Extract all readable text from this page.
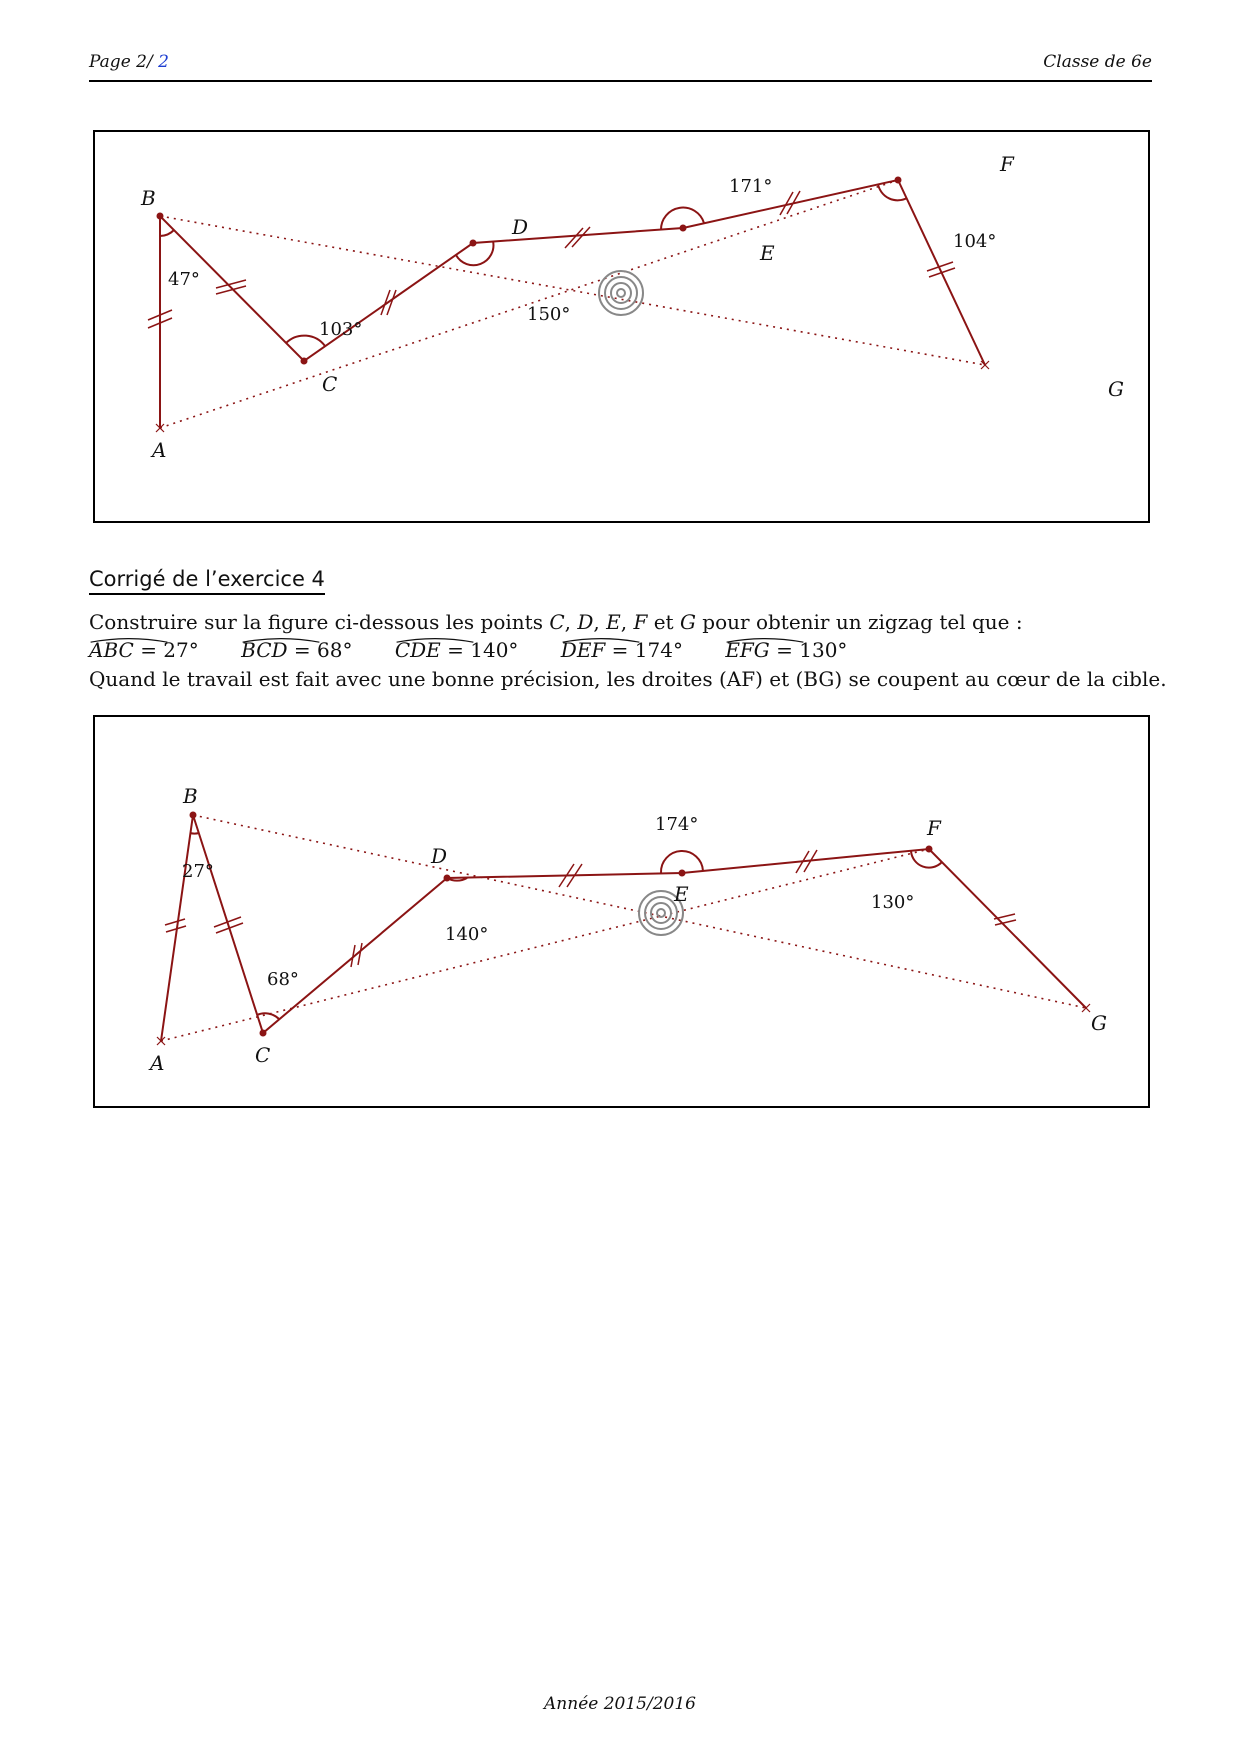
Page 2/ 2	Classe de 6e
B
A
C
D
E
F
G
47°
103°
150°
171°
104°
Corrigé de l’exercice 4
Construire sur la figure ci-dessous les points C, D, E, F et G pour obtenir un zigzag tel que :
ABC = 27° BCD = 68° CDE = 140° DEF = 174° EFG = 130°
Quand le travail est fait avec une bonne précision, les droites (AF) et (BG) se coupent au cœur de la cible.
B
A	C
D
E
F
G
27°
68°
140°
174°
130°
Année 2015/2016
